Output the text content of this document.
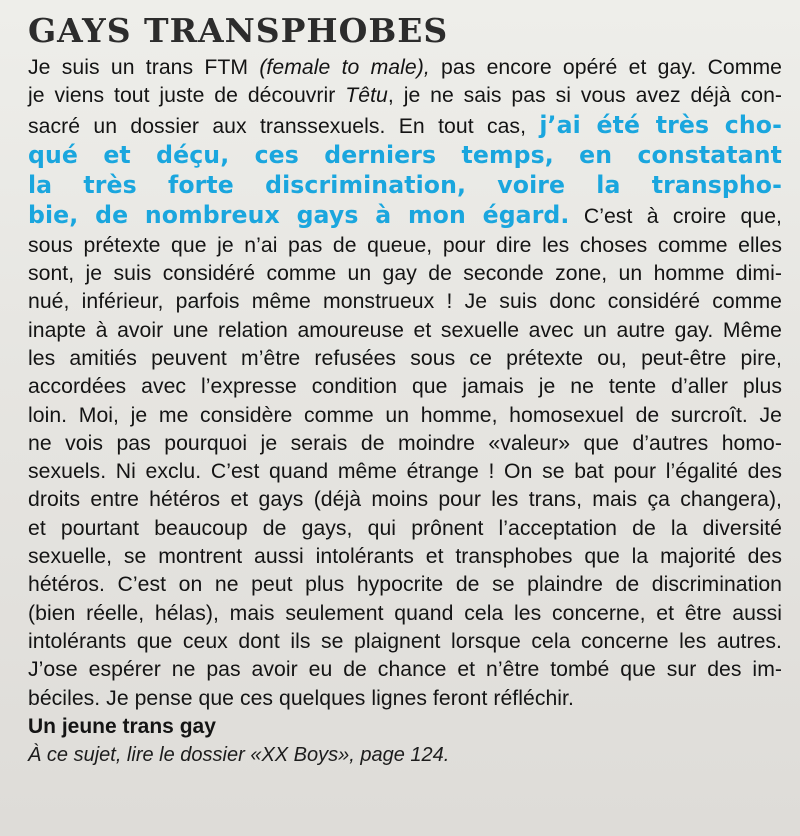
GAYS TRANSPHOBES
Je suis un trans FTM (female to male), pas encore opéré et gay. Comme
je viens tout juste de découvrir Têtu, je ne sais pas si vous avez déjà con-
sacré un dossier aux transsexuels. En tout cas, j’ai été très cho-
qué et déçu, ces derniers temps, en constatant
la très forte discrimination, voire la transpho-
bie, de nombreux gays à mon égard. C’est à croire que,
sous prétexte que je n’ai pas de queue, pour dire les choses comme elles
sont, je suis considéré comme un gay de seconde zone, un homme dimi-
nué, inférieur, parfois même monstrueux ! Je suis donc considéré comme
inapte à avoir une relation amoureuse et sexuelle avec un autre gay. Même
les amitiés peuvent m’être refusées sous ce prétexte ou, peut-être pire,
accordées avec l’expresse condition que jamais je ne tente d’aller plus
loin. Moi, je me considère comme un homme, homosexuel de surcroît. Je
ne vois pas pourquoi je serais de moindre «valeur» que d’autres homo-
sexuels. Ni exclu. C’est quand même étrange ! On se bat pour l’égalité des
droits entre hétéros et gays (déjà moins pour les trans, mais ça changera),
et pourtant beaucoup de gays, qui prônent l’acceptation de la diversité
sexuelle, se montrent aussi intolérants et transphobes que la majorité des
hétéros. C’est on ne peut plus hypocrite de se plaindre de discrimination
(bien réelle, hélas), mais seulement quand cela les concerne, et être aussi
intolérants que ceux dont ils se plaignent lorsque cela concerne les autres.
J’ose espérer ne pas avoir eu de chance et n’être tombé que sur des im-
béciles. Je pense que ces quelques lignes feront réfléchir.

Un jeune trans gay

À ce sujet, lire le dossier «XX Boys», page 124.
